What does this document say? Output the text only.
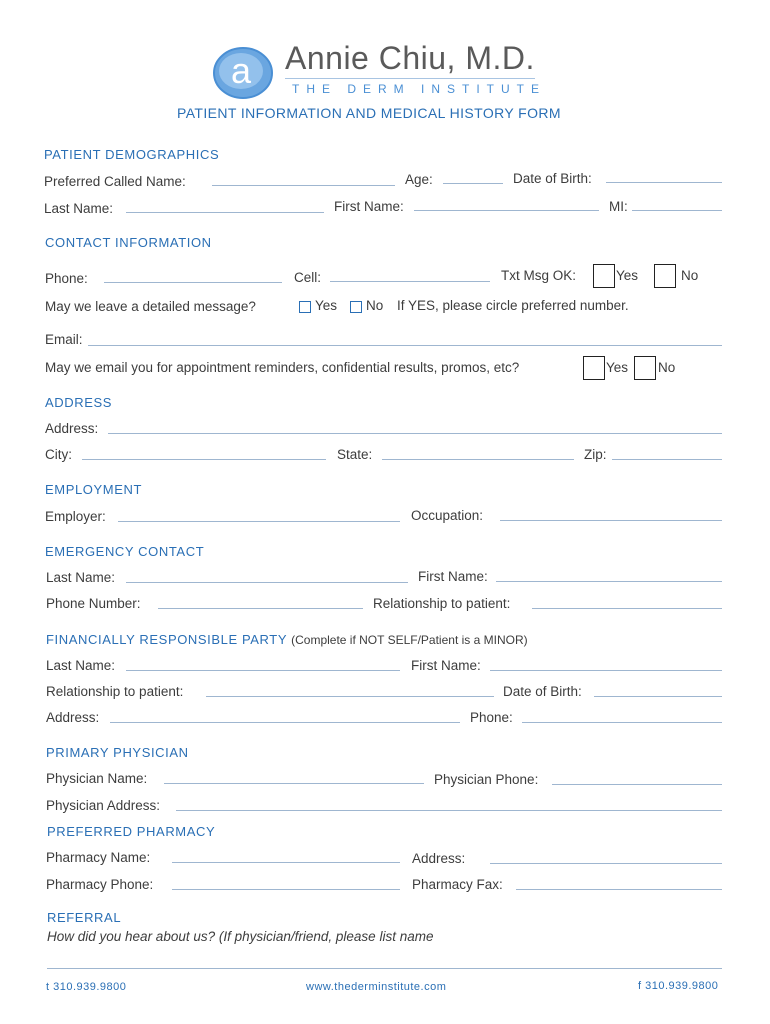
a Annie Chiu, M.D.
THE DERM INSTITUTE
PATIENT INFORMATION AND MEDICAL HISTORY FORM
PATIENT DEMOGRAPHICS
Preferred Called Name:	Age:	Date of Birth:
Last Name:	First Name:	MI:
CONTACT INFORMATION
Phone:	Cell:	Txt Msg OK:	Yes	No
May we leave a detailed message?	Yes No If YES, please circle preferred number.
Email:
May we email you for appointment reminders, confidential results, promos, etc?	Yes No
ADDRESS
Address:
City:	State:	Zip:
EMPLOYMENT
Employer:	Occupation:
EMERGENCY CONTACT
Last Name:	First Name:
Phone Number:	Relationship to patient:
FINANCIALLY RESPONSIBLE PARTY (Complete if NOT SELF/Patient is a MINOR)
Last Name:	First Name:
Relationship to patient:	Date of Birth:
Address:	Phone:
PRIMARY PHYSICIAN
Physician Name:	Physician Phone:
Physician Address:
PREFERRED PHARMACY
Pharmacy Name:	Address:
Pharmacy Phone:	Pharmacy Fax:
REFERRAL
How did you hear about us? (If physician/friend, please list name
t 310.939.9800	www.thederminstitute.com	f 310.939.9800
